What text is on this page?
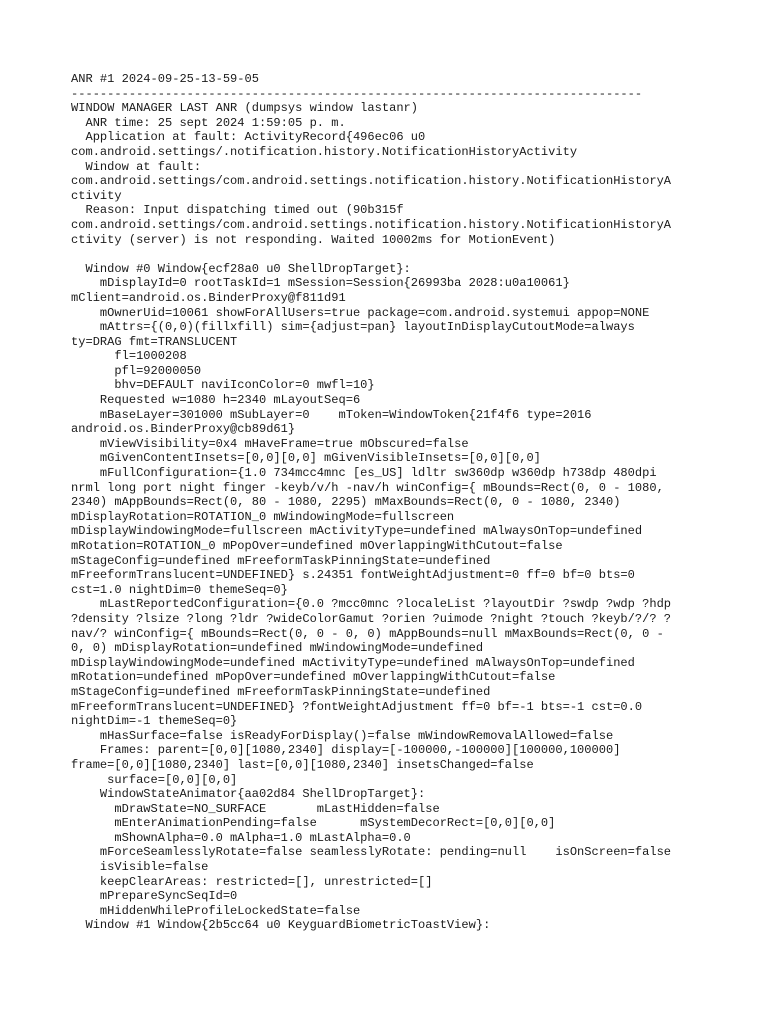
ANR #1 2024-09-25-13-59-05
-------------------------------------------------------------------------------
WINDOW MANAGER LAST ANR (dumpsys window lastanr)
ANR time: 25 sept 2024 1:59:05 p. m.
Application at fault: ActivityRecord{496ec06 u0
com.android.settings/.notification.history.NotificationHistoryActivity
Window at fault:
com.android.settings/com.android.settings.notification.history.NotificationHistoryA
ctivity
Reason: Input dispatching timed out (90b315f
com.android.settings/com.android.settings.notification.history.NotificationHistoryA
ctivity (server) is not responding. Waited 10002ms for MotionEvent)
Window #0 Window{ecf28a0 u0 ShellDropTarget}:
mDisplayId=0 rootTaskId=1 mSession=Session{26993ba 2028:u0a10061}
mClient=android.os.BinderProxy@f811d91
mOwnerUid=10061 showForAllUsers=true package=com.android.systemui appop=NONE
mAttrs={(0,0)(fillxfill) sim={adjust=pan} layoutInDisplayCutoutMode=always
ty=DRAG fmt=TRANSLUCENT
fl=1000208
pfl=92000050
bhv=DEFAULT naviIconColor=0 mwfl=10}
Requested w=1080 h=2340 mLayoutSeq=6
mBaseLayer=301000 mSubLayer=0    mToken=WindowToken{21f4f6 type=2016
android.os.BinderProxy@cb89d61}
mViewVisibility=0x4 mHaveFrame=true mObscured=false
mGivenContentInsets=[0,0][0,0] mGivenVisibleInsets=[0,0][0,0]
mFullConfiguration={1.0 734mcc4mnc [es_US] ldltr sw360dp w360dp h738dp 480dpi
nrml long port night finger -keyb/v/h -nav/h winConfig={ mBounds=Rect(0, 0 - 1080,
2340) mAppBounds=Rect(0, 80 - 1080, 2295) mMaxBounds=Rect(0, 0 - 1080, 2340)
mDisplayRotation=ROTATION_0 mWindowingMode=fullscreen
mDisplayWindowingMode=fullscreen mActivityType=undefined mAlwaysOnTop=undefined
mRotation=ROTATION_0 mPopOver=undefined mOverlappingWithCutout=false
mStageConfig=undefined mFreeformTaskPinningState=undefined
mFreeformTranslucent=UNDEFINED} s.24351 fontWeightAdjustment=0 ff=0 bf=0 bts=0
cst=1.0 nightDim=0 themeSeq=0}
mLastReportedConfiguration={0.0 ?mcc0mnc ?localeList ?layoutDir ?swdp ?wdp ?hdp
?density ?lsize ?long ?ldr ?wideColorGamut ?orien ?uimode ?night ?touch ?keyb/?/? ?
nav/? winConfig={ mBounds=Rect(0, 0 - 0, 0) mAppBounds=null mMaxBounds=Rect(0, 0 -
0, 0) mDisplayRotation=undefined mWindowingMode=undefined
mDisplayWindowingMode=undefined mActivityType=undefined mAlwaysOnTop=undefined
mRotation=undefined mPopOver=undefined mOverlappingWithCutout=false
mStageConfig=undefined mFreeformTaskPinningState=undefined
mFreeformTranslucent=UNDEFINED} ?fontWeightAdjustment ff=0 bf=-1 bts=-1 cst=0.0
nightDim=-1 themeSeq=0}
mHasSurface=false isReadyForDisplay()=false mWindowRemovalAllowed=false
Frames: parent=[0,0][1080,2340] display=[-100000,-100000][100000,100000]
frame=[0,0][1080,2340] last=[0,0][1080,2340] insetsChanged=false
surface=[0,0][0,0]
WindowStateAnimator{aa02d84 ShellDropTarget}:
mDrawState=NO_SURFACE       mLastHidden=false
mEnterAnimationPending=false      mSystemDecorRect=[0,0][0,0]
mShownAlpha=0.0 mAlpha=1.0 mLastAlpha=0.0
mForceSeamlesslyRotate=false seamlesslyRotate: pending=null    isOnScreen=false
isVisible=false
keepClearAreas: restricted=[], unrestricted=[]
mPrepareSyncSeqId=0
mHiddenWhileProfileLockedState=false
Window #1 Window{2b5cc64 u0 KeyguardBiometricToastView}:
